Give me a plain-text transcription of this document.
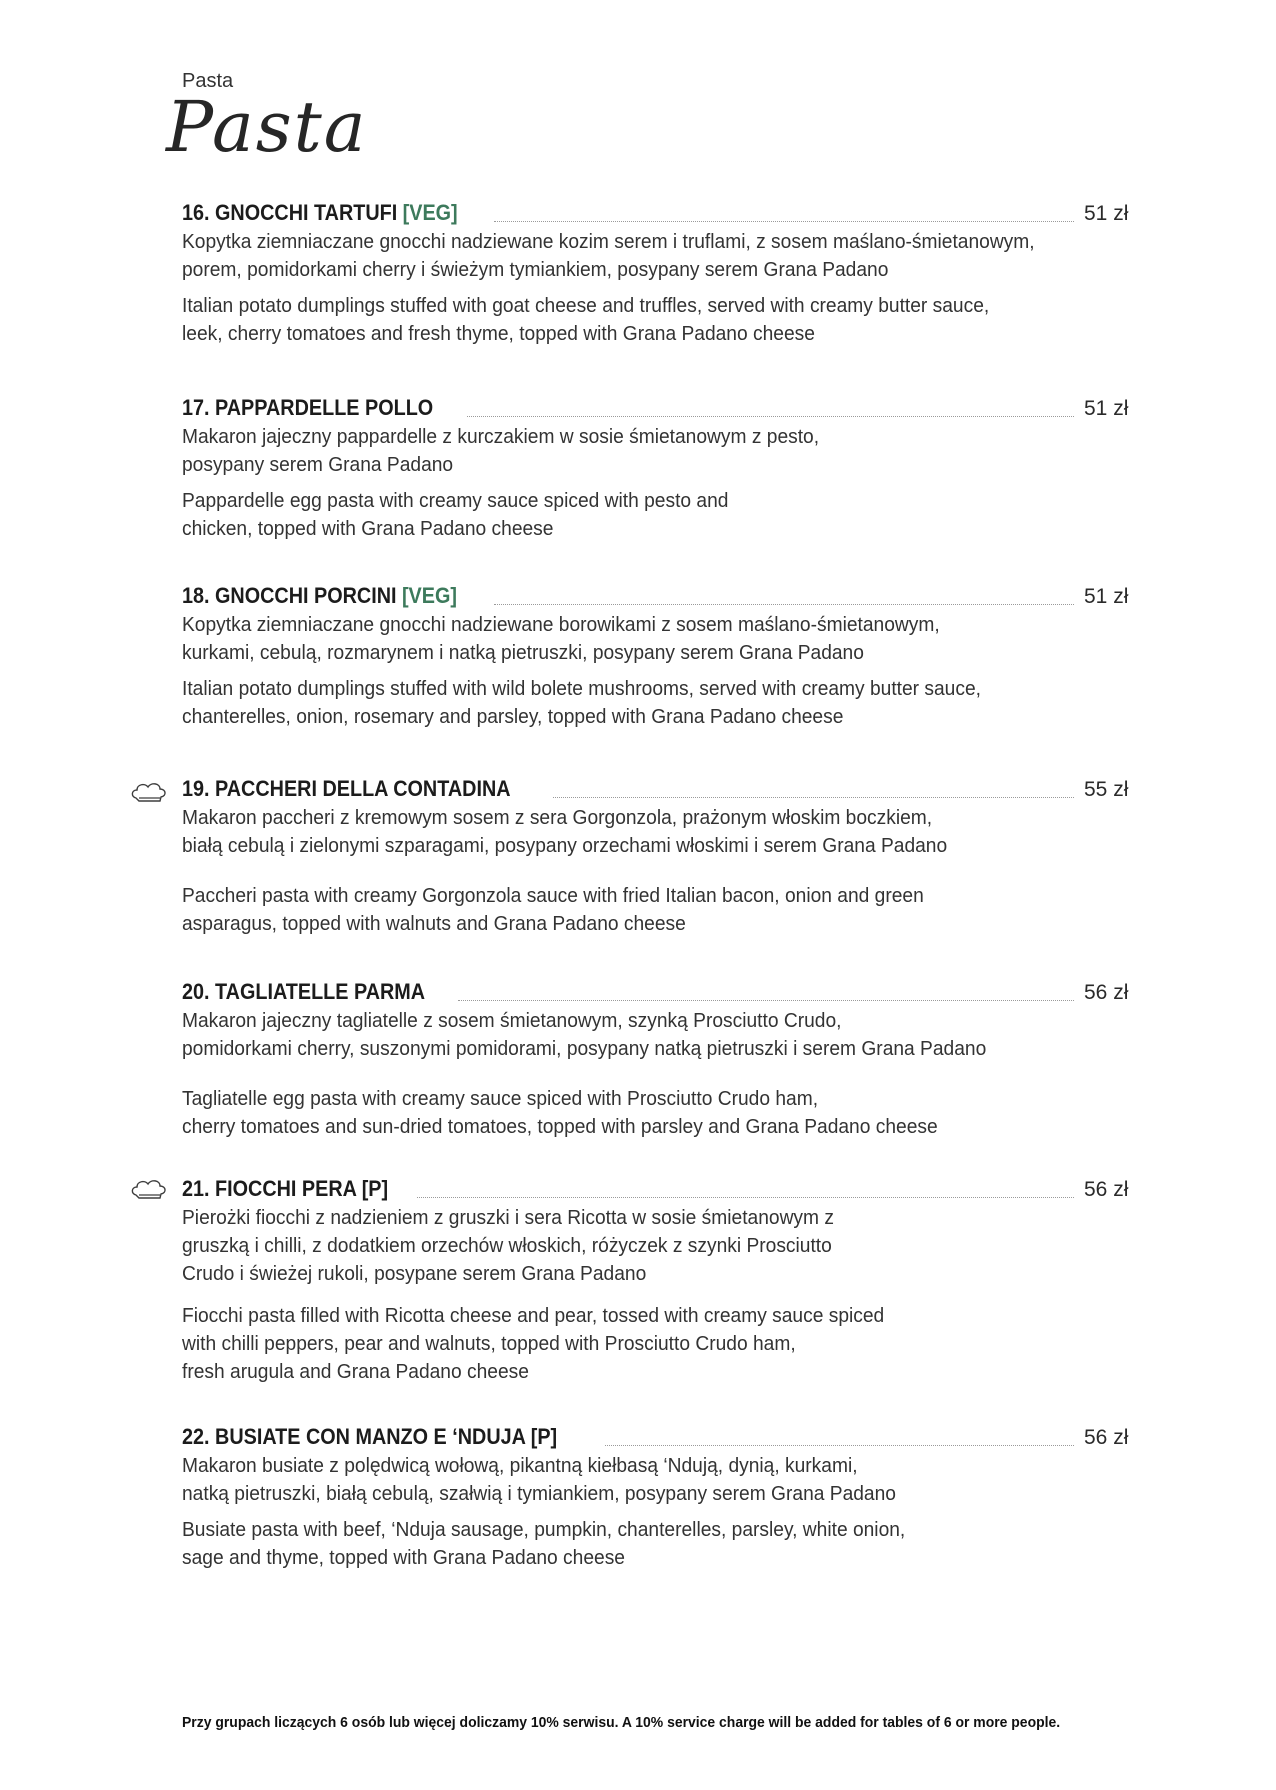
Pasta
Pasta
16. GNOCCHI TARTUFI [VEG]	51 zł

Kopytka ziemniaczane gnocchi nadziewane kozim serem i truflami, z sosem maślano-śmietanowym,

porem, pomidorkami cherry i świeżym tymiankiem, posypany serem Grana Padano

Italian potato dumplings stuffed with goat cheese and truffles, served with creamy butter sauce,

leek, cherry tomatoes and fresh thyme, topped with Grana Padano cheese

17. PAPPARDELLE POLLO	51 zł

Makaron jajeczny pappardelle z kurczakiem w sosie śmietanowym z pesto,

posypany serem Grana Padano

Pappardelle egg pasta with creamy sauce spiced with pesto and

chicken, topped with Grana Padano cheese

18. GNOCCHI PORCINI [VEG]	51 zł

Kopytka ziemniaczane gnocchi nadziewane borowikami z sosem maślano-śmietanowym,

kurkami, cebulą, rozmarynem i natką pietruszki, posypany serem Grana Padano

Italian potato dumplings stuffed with wild bolete mushrooms, served with creamy butter sauce,

chanterelles, onion, rosemary and parsley, topped with Grana Padano cheese

19. PACCHERI DELLA CONTADINA	55 zł

Makaron paccheri z kremowym sosem z sera Gorgonzola, prażonym włoskim boczkiem,

białą cebulą i zielonymi szparagami, posypany orzechami włoskimi i serem Grana Padano

Paccheri pasta with creamy Gorgonzola sauce with fried Italian bacon, onion and green

asparagus, topped with walnuts and Grana Padano cheese

20. TAGLIATELLE PARMA	56 zł

Makaron jajeczny tagliatelle z sosem śmietanowym, szynką Prosciutto Crudo,

pomidorkami cherry, suszonymi pomidorami, posypany natką pietruszki i serem Grana Padano

Tagliatelle egg pasta with creamy sauce spiced with Prosciutto Crudo ham,

cherry tomatoes and sun-dried tomatoes, topped with parsley and Grana Padano cheese

21. FIOCCHI PERA [P]	56 zł

Pierożki fiocchi z nadzieniem z gruszki i sera Ricotta w sosie śmietanowym z

gruszką i chilli, z dodatkiem orzechów włoskich, różyczek z szynki Prosciutto

Crudo i świeżej rukoli, posypane serem Grana Padano

Fiocchi pasta filled with Ricotta cheese and pear, tossed with creamy sauce spiced

with chilli peppers, pear and walnuts, topped with Prosciutto Crudo ham,

fresh arugula and Grana Padano cheese

22. BUSIATE CON MANZO E ‘NDUJA [P]	56 zł

Makaron busiate z polędwicą wołową, pikantną kiełbasą ‘Ndują, dynią, kurkami,

natką pietruszki, białą cebulą, szałwią i tymiankiem, posypany serem Grana Padano

Busiate pasta with beef, ‘Nduja sausage, pumpkin, chanterelles, parsley, white onion,

sage and thyme, topped with Grana Padano cheese

Przy grupach liczących 6 osób lub więcej doliczamy 10% serwisu. A 10% service charge will be added for tables of 6 or more people.
